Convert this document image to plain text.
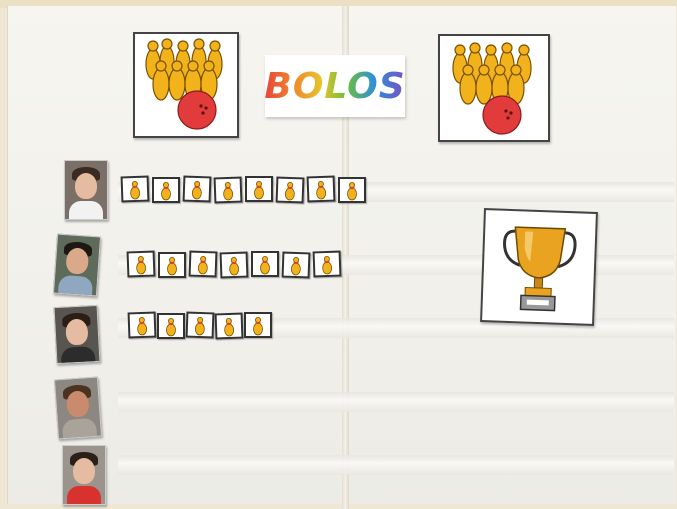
BOLOS
